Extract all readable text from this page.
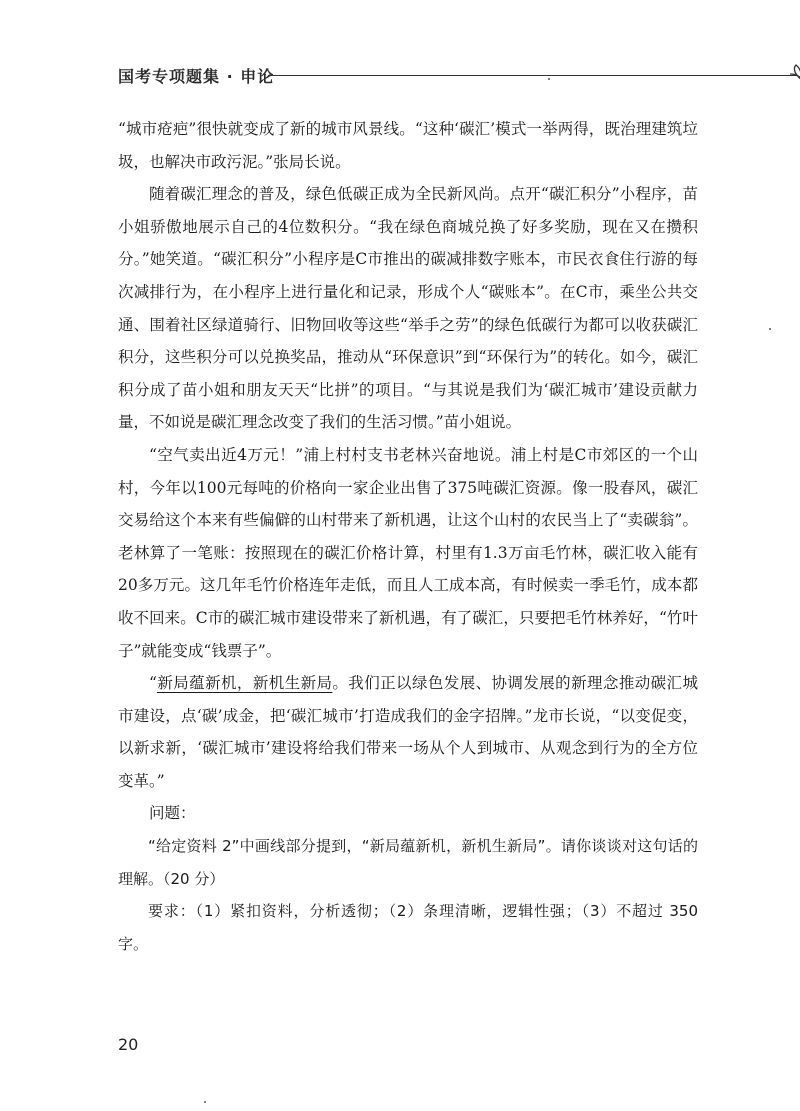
国考专项题集 · 申论

“城市疮疤”很快就变成了新的城市风景线。“这种‘碳汇’模式一举两得，既治理建筑垃圾，也解决市政污泥。”张局长说。

随着碳汇理念的普及，绿色低碳正成为全民新风尚。点开“碳汇积分”小程序，苗小姐骄傲地展示自己的4位数积分。“我在绿色商城兑换了好多奖励，现在又在攒积分。”她笑道。“碳汇积分”小程序是C市推出的碳减排数字账本，市民衣食住行游的每次减排行为，在小程序上进行量化和记录，形成个人“碳账本”。在C市，乘坐公共交通、围着社区绿道骑行、旧物回收等这些“举手之劳”的绿色低碳行为都可以收获碳汇积分，这些积分可以兑换奖品，推动从“环保意识”到“环保行为”的转化。如今，碳汇积分成了苗小姐和朋友天天“比拼”的项目。“与其说是我们为‘碳汇城市’建设贡献力量，不如说是碳汇理念改变了我们的生活习惯。”苗小姐说。

“空气卖出近4万元！”浦上村村支书老林兴奋地说。浦上村是C市郊区的一个山村，今年以100元每吨的价格向一家企业出售了375吨碳汇资源。像一股春风，碳汇交易给这个本来有些偏僻的山村带来了新机遇，让这个山村的农民当上了“卖碳翁”。老林算了一笔账：按照现在的碳汇价格计算，村里有1.3万亩毛竹林，碳汇收入能有20多万元。这几年毛竹价格连年走低，而且人工成本高，有时候卖一季毛竹，成本都收不回来。C市的碳汇城市建设带来了新机遇，有了碳汇，只要把毛竹林养好，“竹叶子”就能变成“钱票子”。

“新局蕴新机，新机生新局。我们正以绿色发展、协调发展的新理念推动碳汇城市建设，点‘碳’成金，把‘碳汇城市’打造成我们的金字招牌。”龙市长说，“以变促变，以新求新，‘碳汇城市’建设将给我们带来一场从个人到城市、从观念到行为的全方位变革。”

问题：

“给定资料 2”中画线部分提到，“新局蕴新机，新机生新局”。请你谈谈对这句话的理解。（20 分）

要求：（1）紧扣资料，分析透彻；（2）条理清晰，逻辑性强；（3）不超过 350 字。

20
